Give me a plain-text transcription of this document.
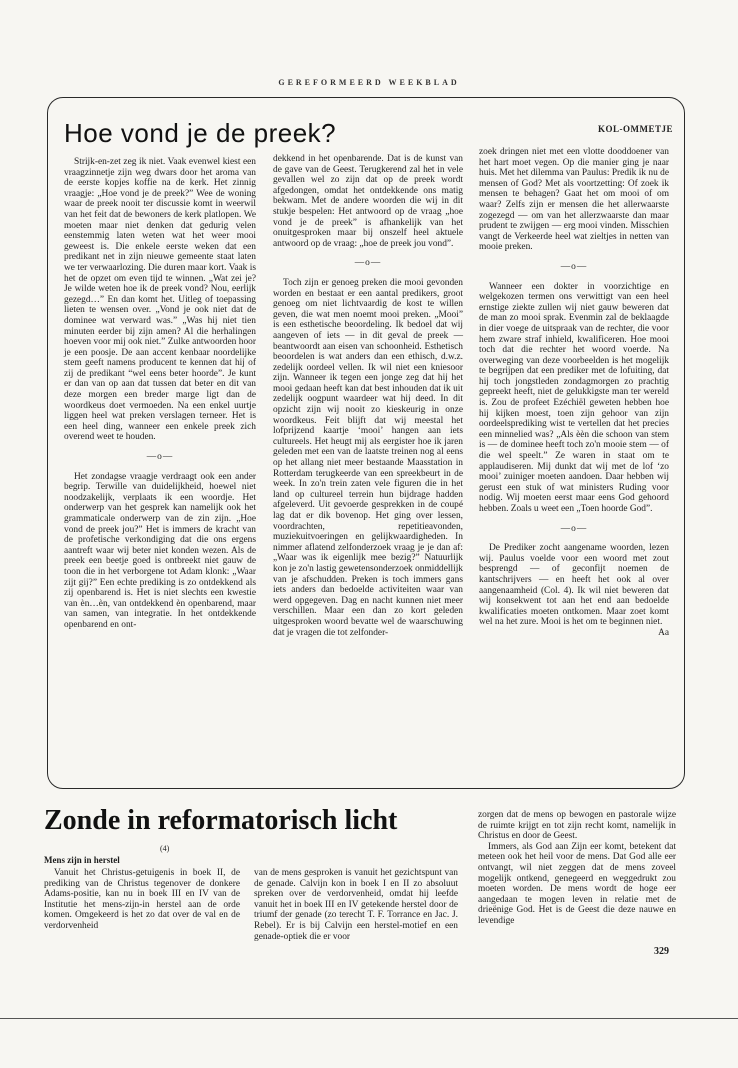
GEREFORMEERD WEEKBLAD
Hoe vond je de preek?	KOL-OMMETJE

Strijk-en-zet zeg ik niet. Vaak evenwel kiest een vraagzinnetje zijn weg dwars door het aroma van de eerste kopjes koffie na de kerk. Het zinnig vraagje: „Hoe vond je de preek?” Wee de woning waar de preek nooit ter discussie komt in weerwil van het feit dat de bewoners de kerk platlopen. We moeten maar niet denken dat gedurig velen eenstemmig laten weten wat het weer mooi geweest is. Die enkele eerste weken dat een predikant net in zijn nieuwe gemeente staat laten we ter verwaarlozing. Die duren maar kort. Vaak is het de opzet om even tijd te winnen. „Wat zei je? Je wilde weten hoe ik de preek vond? Nou, eerlijk gezegd…” En dan komt het. Uitleg of toepassing lieten te wensen over. „Vond je ook niet dat de dominee wat verward was.” „Was hij niet tien minuten eerder bij zijn amen? Al die herhalingen hoeven voor mij ook niet.” Zulke antwoorden hoor je een poosje. De aan accent kenbaar noordelijke stem geeft namens producent te kennen dat hij of zij de predikant “wel eens beter hoorde”. Je kunt er dan van op aan dat tussen dat beter en dit van deze morgen een breder marge ligt dan de woordkeus doet vermoeden. Na een enkel uurtje liggen heel wat preken verslagen terneer. Het is een heel ding, wanneer een enkele preek zich overend weet te houden.

—o—

Het zondagse vraagje verdraagt ook een ander begrip. Terwille van duidelijkheid, hoewel niet noodzakelijk, verplaats ik een woordje. Het onderwerp van het gesprek kan namelijk ook het grammaticale onderwerp van de zin zijn. „Hoe vond de preek jou?” Het is immers de kracht van de profetische verkondiging dat die ons ergens aantreft waar wij beter niet konden wezen. Als de preek een beetje goed is ontbreekt niet gauw de toon die in het verborgene tot Adam klonk: „Waar zijt gij?” Een echte prediking is zo ontdekkend als zij openbarend is. Het is niet slechts een kwestie van èn…èn, van ontdekkend èn openbarend, maar van samen, van integratie. In het ontdekkende openbarend en ont-

dekkend in het openbarende. Dat is de kunst van de gave van de Geest. Terugkerend zal het in vele gevallen wel zo zijn dat op de preek wordt afgedongen, omdat het ontdekkende ons matig bekwam. Met de andere woorden die wij in dit stukje bespelen: Het antwoord op de vraag „hoe vond je de preek” is afhankelijk van het onuitgesproken maar bij onszelf heel aktuele antwoord op de vraag: „hoe de preek jou vond”.

—o—

Toch zijn er genoeg preken die mooi gevonden worden en bestaat er een aantal predikers, groot genoeg om niet lichtvaardig de kost te willen geven, die wat men noemt mooi preken. „Mooi” is een esthetische beoordeling. Ik bedoel dat wij aangeven of iets — in dit geval de preek — beantwoordt aan eisen van schoonheid. Esthetisch beoordelen is wat anders dan een ethisch, d.w.z. zedelijk oordeel vellen. Ik wil niet een kniesoor zijn. Wanneer ik tegen een jonge zeg dat hij het mooi gedaan heeft kan dat best inhouden dat ik uit zedelijk oogpunt waardeer wat hij deed. In dit opzicht zijn wij nooit zo kieskeurig in onze woordkeus. Feit blijft dat wij meestal het lofprijzend kaartje ‘mooi’ hangen aan iets cultureels. Het heugt mij als eergister hoe ik jaren geleden met een van de laatste treinen nog al eens op het allang niet meer bestaande Maasstation in Rotterdam terugkeerde van een spreekbeurt in de week. In zo'n trein zaten vele figuren die in het land op cultureel terrein hun bijdrage hadden afgeleverd. Uit gevoerde gesprekken in de coupé lag dat er dik bovenop. Het ging over lessen, voordrachten, repetitieavonden, muziekuitvoeringen en gelijkwaardigheden. In nimmer aflatend zelfonderzoek vraag je je dan af: „Waar was ik eigenlijk mee bezig?” Natuurlijk kon je zo'n lastig gewetensonderzoek onmiddellijk van je afschudden. Preken is toch immers gans iets anders dan bedoelde activiteiten waar van werd opgegeven. Dag en nacht kunnen niet meer verschillen. Maar een dan zo kort geleden uitgesproken woord bevatte wel de waarschuwing dat je vragen die tot zelfonder-

zoek dringen niet met een vlotte dooddoener van het hart moet vegen. Op die manier ging je naar huis. Met het dilemma van Paulus: Predik ik nu de mensen of God? Met als voortzetting: Of zoek ik mensen te behagen? Gaat het om mooi of om waar? Zelfs zijn er mensen die het allerwaarste zogezegd — om van het allerzwaarste dan maar prudent te zwijgen — erg mooi vinden. Misschien vangt de Verkeerde heel wat zieltjes in netten van mooie preken.

—o—

Wanneer een dokter in voorzichtige en welgekozen termen ons verwittigt van een heel ernstige ziekte zullen wij niet gauw beweren dat de man zo mooi sprak. Evenmin zal de beklaagde in dier voege de uitspraak van de rechter, die voor hem zware straf inhield, kwalificeren. Hoe mooi toch dat die rechter het woord voerde. Na overweging van deze voorbeelden is het mogelijk te begrijpen dat een prediker met de lofuiting, dat hij toch jongstleden zondagmorgen zo prachtig gepreekt heeft, niet de gelukkigste man ter wereld is. Zou de profeet Ezéchiël geweten hebben hoe hij kijken moest, toen zijn gehoor van zijn oordeelsprediking wist te vertellen dat het precies een minnelied was? „Als èèn die schoon van stem is — de dominee heeft toch zo'n mooie stem — of die wel speelt.” Ze waren in staat om te applaudiseren. Mij dunkt dat wij met de lof ‘zo mooi’ zuiniger moeten aandoen. Daar hebben wij gerust een stuk of wat ministers Ruding voor nodig. Wij moeten eerst maar eens God gehoord hebben. Zoals u weet een „Toen hoorde God”.

—o—

De Prediker zocht aangename woorden, lezen wij. Paulus voelde voor een woord met zout besprengd — of geconfijt noemen de kantschrijvers — en heeft het ook al over aangenaamheid (Col. 4). Ik wil niet beweren dat wij konsekwent tot aan het end aan bedoelde kwalificaties moeten ontkomen. Maar zoet komt wel na het zure. Mooi is het om te beginnen niet.

Aa

Zonde in reformatorisch licht
(4)
Mens zijn in herstel

Vanuit het Christus-getuigenis in boek II, de prediking van de Christus tegenover de donkere Adams-positie, kan nu in boek III en IV van de Institutie het mens-zijn-in herstel aan de orde komen. Omgekeerd is het zo dat over de val en de verdorvenheid

van de mens gesproken is vanuit het gezichtspunt van de genade. Calvijn kon in boek I en II zo absoluut spreken over de verdorvenheid, omdat hij leefde vanuit het in boek III en IV getekende herstel door de triumf der genade (zo terecht T. F. Torrance en Jac. J. Rebel). Er is bij Calvijn een herstel-motief en een genade-optiek die er voor

zorgen dat de mens op bewogen en pastorale wijze de ruimte krijgt en tot zijn recht komt, namelijk in Christus en door de Geest.

Immers, als God aan Zijn eer komt, betekent dat meteen ook het heil voor de mens. Dat God alle eer ontvangt, wil niet zeggen dat de mens zoveel mogelijk ontkend, genegeerd en weggedrukt zou moeten worden. De mens wordt de hoge eer aangedaan te mogen leven in relatie met de drieënige God. Het is de Geest die deze nauwe en levendige

329
